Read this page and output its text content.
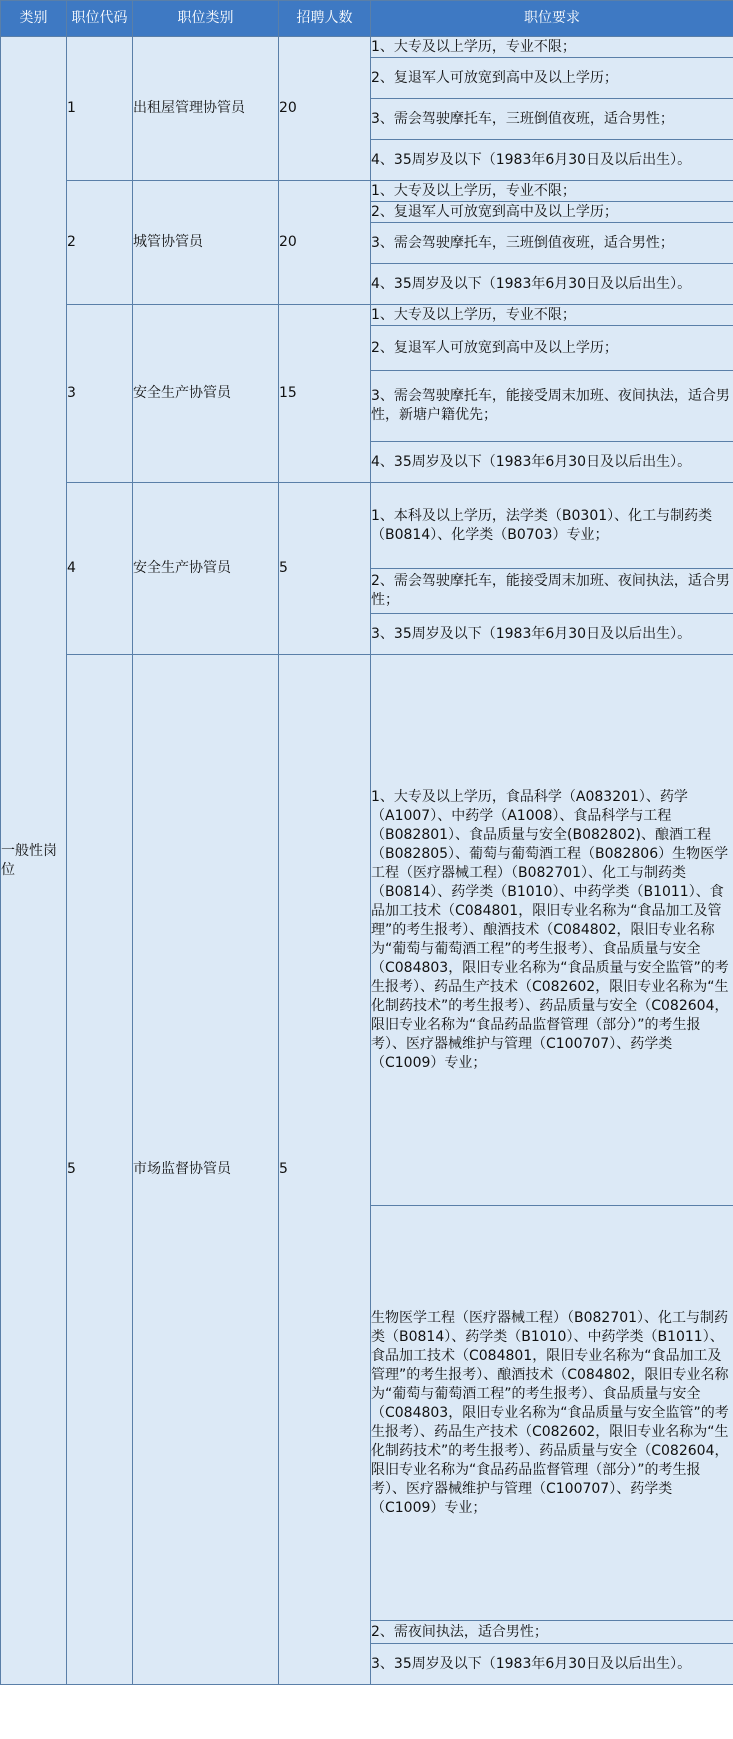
类别	职位代码	职位类别	招聘人数	职位要求
一般性岗位	1	出租屋管理协管员	20	1、大专及以上学历，专业不限；
				2、复退军人可放宽到高中及以上学历；
				3、需会驾驶摩托车，三班倒值夜班，适合男性；
				4、35周岁及以下（1983年6月30日及以后出生）。
	2	城管协管员	20	1、大专及以上学历，专业不限；
				2、复退军人可放宽到高中及以上学历；
				3、需会驾驶摩托车，三班倒值夜班，适合男性；
				4、35周岁及以下（1983年6月30日及以后出生）。
	3	安全生产协管员	15	1、大专及以上学历，专业不限；
				2、复退军人可放宽到高中及以上学历；
				3、需会驾驶摩托车，能接受周末加班、夜间执法，适合男性，新塘户籍优先；
				4、35周岁及以下（1983年6月30日及以后出生）。
	4	安全生产协管员	5	1、本科及以上学历，法学类（B0301）、化工与制药类（B0814）、化学类（B0703）专业；
				2、需会驾驶摩托车，能接受周末加班、夜间执法，适合男性；
				3、35周岁及以下（1983年6月30日及以后出生）。
	5	市场监督协管员	5	1、大专及以上学历，食品科学（A083201）、药学（A1007）、中药学（A1008）、食品科学与工程（B082801）、食品质量与安全(B082802)、酿酒工程（B082805）、葡萄与葡萄酒工程（B082806）生物医学工程（医疗器械工程）（B082701）、化工与制药类（B0814）、药学类（B1010）、中药学类（B1011）、食品加工技术（C084801，限旧专业名称为“食品加工及管理”的考生报考）、酿酒技术（C084802，限旧专业名称为“葡萄与葡萄酒工程”的考生报考）、食品质量与安全（C084803，限旧专业名称为“食品质量与安全监管”的考生报考）、药品生产技术（C082602，限旧专业名称为“生化制药技术”的考生报考）、药品质量与安全（C082604，限旧专业名称为“食品药品监督管理（部分）”的考生报考）、医疗器械维护与管理（C100707）、药学类（C1009）专业；
				生物医学工程（医疗器械工程）（B082701）、化工与制药类（B0814）、药学类（B1010）、中药学类（B1011）、食品加工技术（C084801，限旧专业名称为“食品加工及管理”的考生报考）、酿酒技术（C084802，限旧专业名称为“葡萄与葡萄酒工程”的考生报考）、食品质量与安全（C084803，限旧专业名称为“食品质量与安全监管”的考生报考）、药品生产技术（C082602，限旧专业名称为“生化制药技术”的考生报考）、药品质量与安全（C082604，限旧专业名称为“食品药品监督管理（部分）”的考生报考）、医疗器械维护与管理（C100707）、药学类（C1009）专业；
				2、需夜间执法，适合男性；
				3、35周岁及以下（1983年6月30日及以后出生）。
